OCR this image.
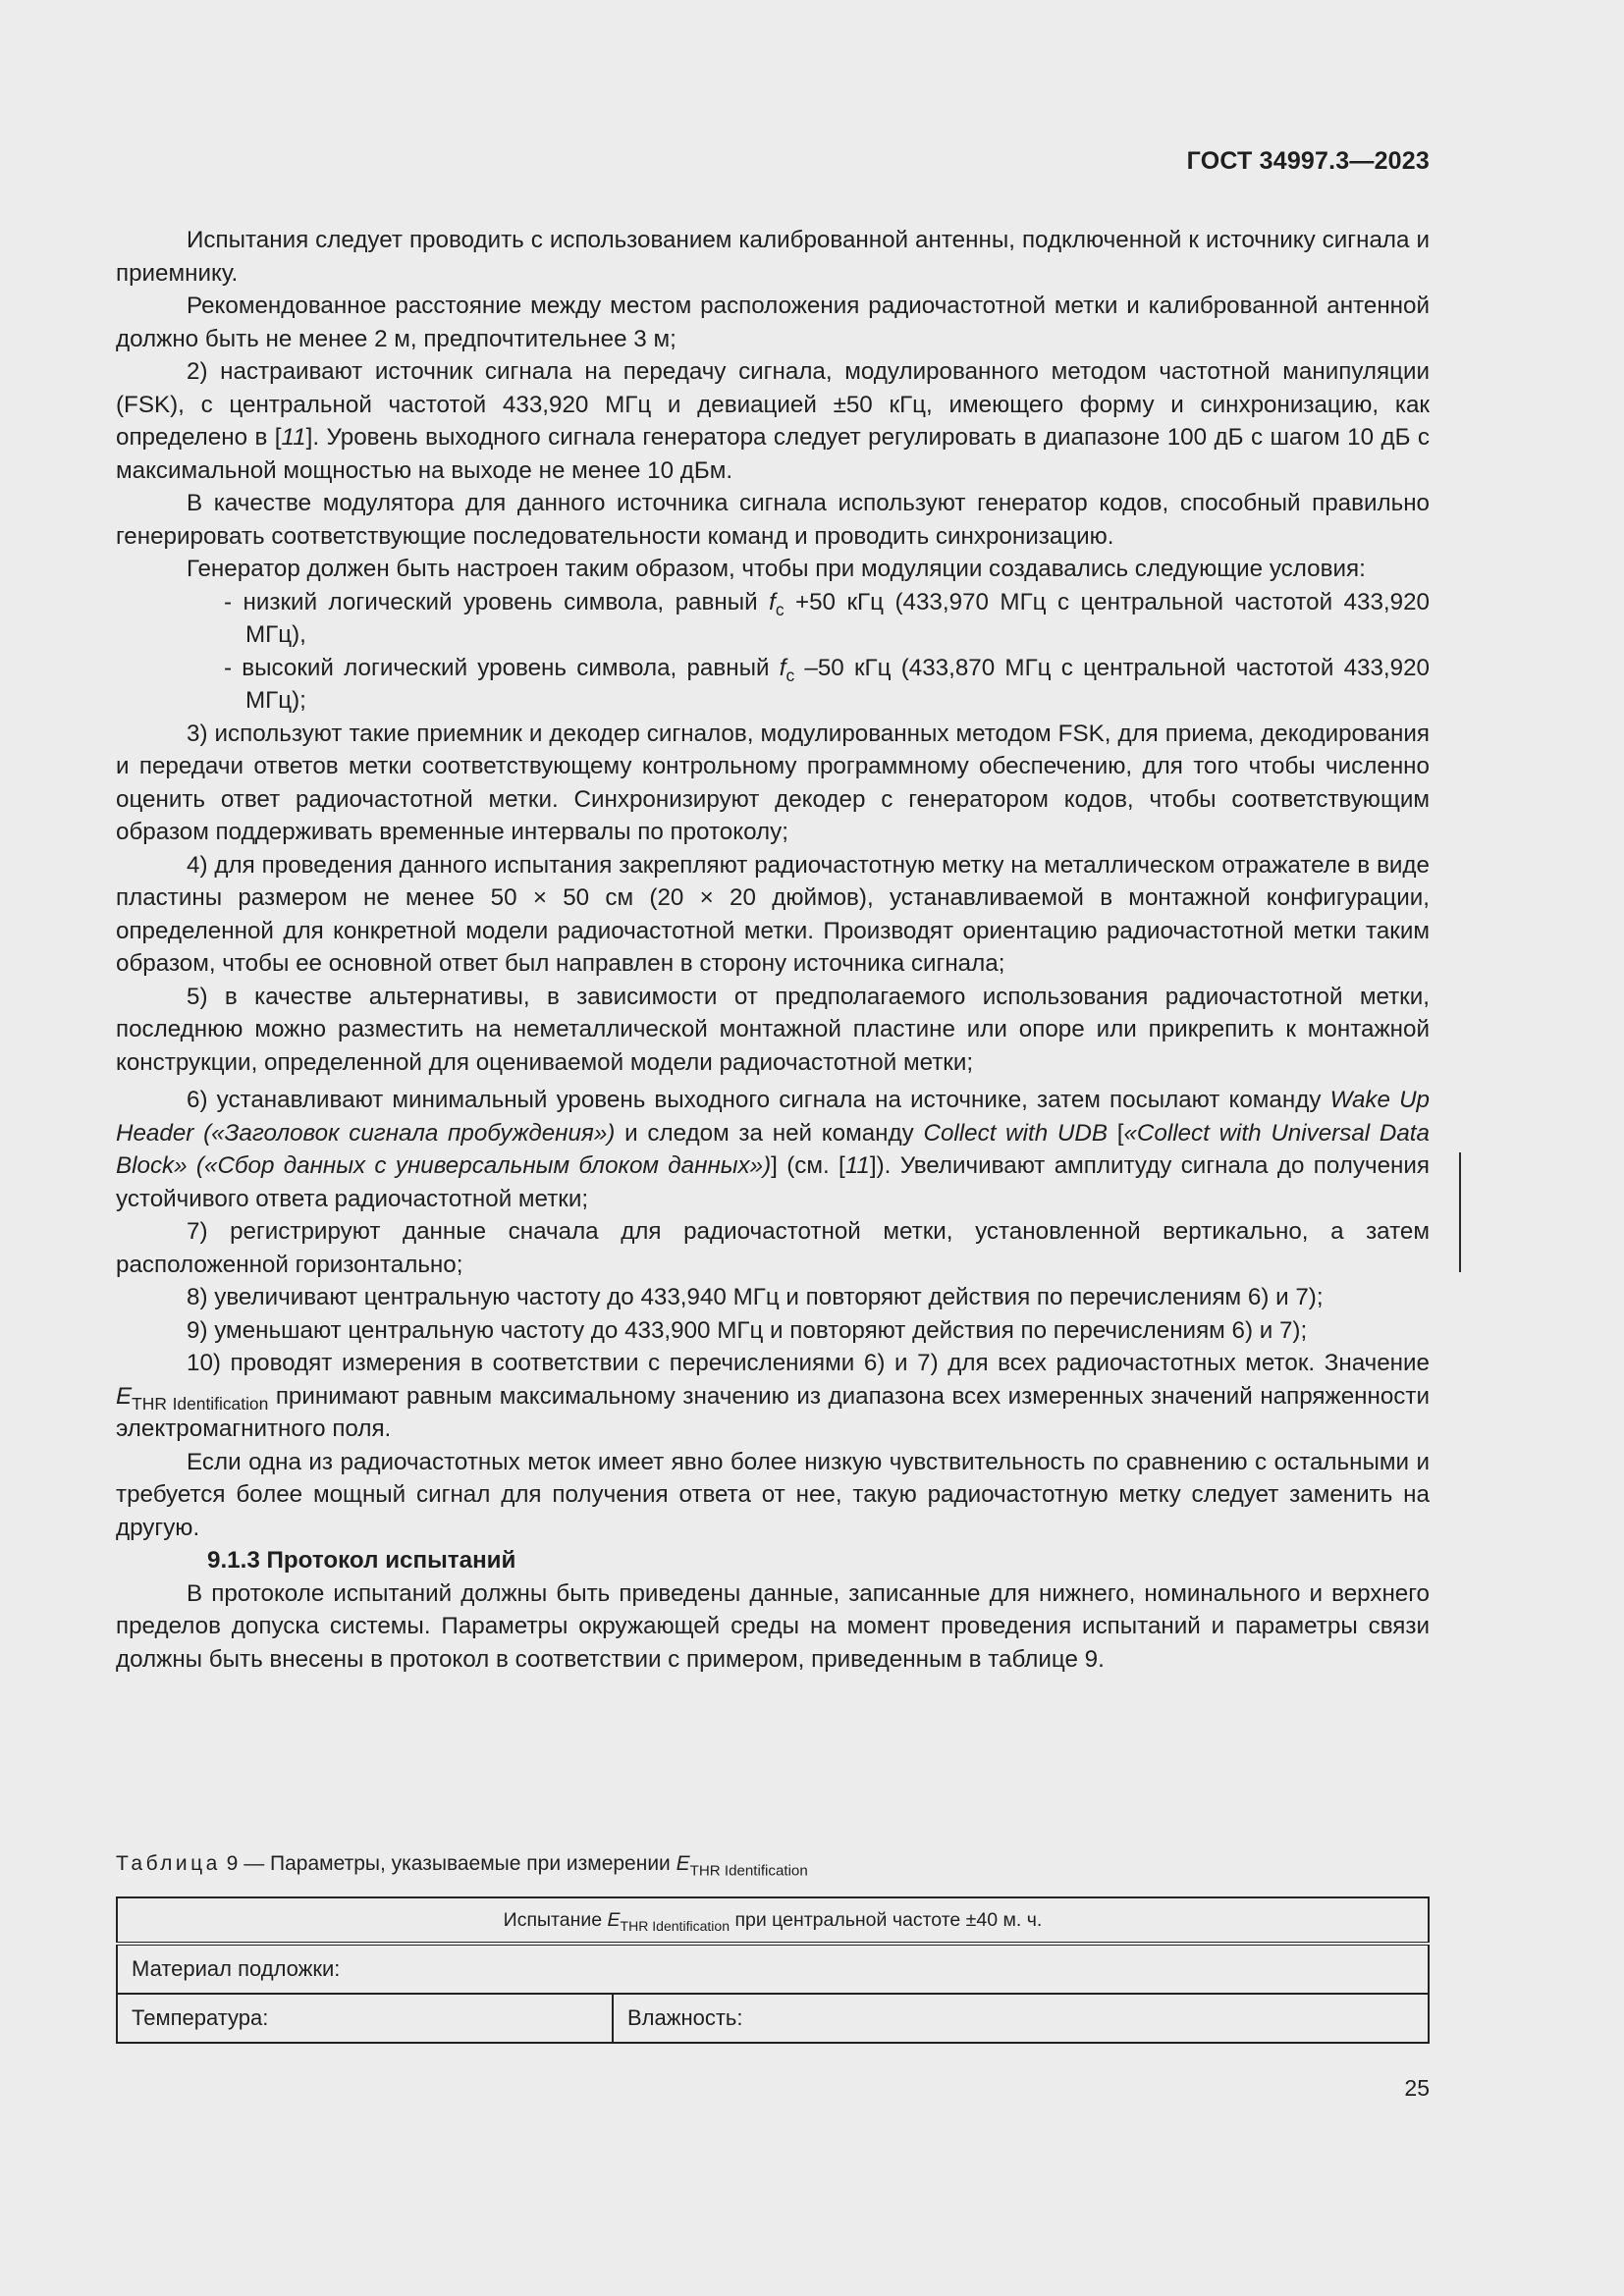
ГОСТ 34997.3—2023

Испытания следует проводить с использованием калиброванной антенны, подключенной к источнику сигнала и приемнику.

Рекомендованное расстояние между местом расположения радиочастотной метки и калиброванной антенной должно быть не менее 2 м, предпочтительнее 3 м;

2) настраивают источник сигнала на передачу сигнала, модулированного методом частотной манипуляции (FSK), с центральной частотой 433,920 МГц и девиацией ±50 кГц, имеющего форму и синхронизацию, как определено в [11]. Уровень выходного сигнала генератора следует регулировать в диапазоне 100 дБ с шагом 10 дБ с максимальной мощностью на выходе не менее 10 дБм.

В качестве модулятора для данного источника сигнала используют генератор кодов, способный правильно генерировать соответствующие последовательности команд и проводить синхронизацию.

Генератор должен быть настроен таким образом, чтобы при модуляции создавались следующие условия:

- низкий логический уровень символа, равный $f_c +50$ кГц (433,970 МГц с центральной частотой 433,920 МГц),

- высокий логический уровень символа, равный $f_c$ –50 кГц (433,870 МГц с центральной частотой 433,920 МГц);

3) используют такие приемник и декодер сигналов, модулированных методом FSK, для приема, декодирования и передачи ответов метки соответствующему контрольному программному обеспечению, для того чтобы численно оценить ответ радиочастотной метки. Синхронизируют декодер с генератором кодов, чтобы соответствующим образом поддерживать временные интервалы по протоколу;

4) для проведения данного испытания закрепляют радиочастотную метку на металлическом отражателе в виде пластины размером не менее 50 × 50 см (20 × 20 дюймов), устанавливаемой в монтажной конфигурации, определенной для конкретной модели радиочастотной метки. Производят ориентацию радиочастотной метки таким образом, чтобы ее основной ответ был направлен в сторону источника сигнала;

5) в качестве альтернативы, в зависимости от предполагаемого использования радиочастотной метки, последнюю можно разместить на неметаллической монтажной пластине или опоре или прикрепить к монтажной конструкции, определенной для оцениваемой модели радиочастотной метки;

6) устанавливают минимальный уровень выходного сигнала на источнике, затем посылают команду Wake Up Header («Заголовок сигнала пробуждения») и следом за ней команду Collect with UDB [«Collect with Universal Data Block» («Сбор данных с универсальным блоком данных»)] (см. [11]). Увеличивают амплитуду сигнала до получения устойчивого ответа радиочастотной метки;

7) регистрируют данные сначала для радиочастотной метки, установленной вертикально, а затем расположенной горизонтально;

8) увеличивают центральную частоту до 433,940 МГц и повторяют действия по перечислениям 6) и 7);

9) уменьшают центральную частоту до 433,900 МГц и повторяют действия по перечислениям 6) и 7);

10) проводят измерения в соответствии с перечислениями 6) и 7) для всех радиочастотных меток. Значение $E_{THR Identification}$ принимают равным максимальному значению из диапазона всех измеренных значений напряженности электромагнитного поля.

Если одна из радиочастотных меток имеет явно более низкую чувствительность по сравнению с остальными и требуется более мощный сигнал для получения ответа от нее, такую радиочастотную метку следует заменить на другую.

9.1.3 Протокол испытаний

В протоколе испытаний должны быть приведены данные, записанные для нижнего, номинального и верхнего пределов допуска системы. Параметры окружающей среды на момент проведения испытаний и параметры связи должны быть внесены в протокол в соответствии с примером, приведенным в таблице 9.

Таблица 9 — Параметры, указываемые при измерении $E_{THR Identification}$
Испытание $E_{THR Identification}$ при центральной частоте ±40 м. ч.
Материал подложки:
Температура:	Влажность:
25
